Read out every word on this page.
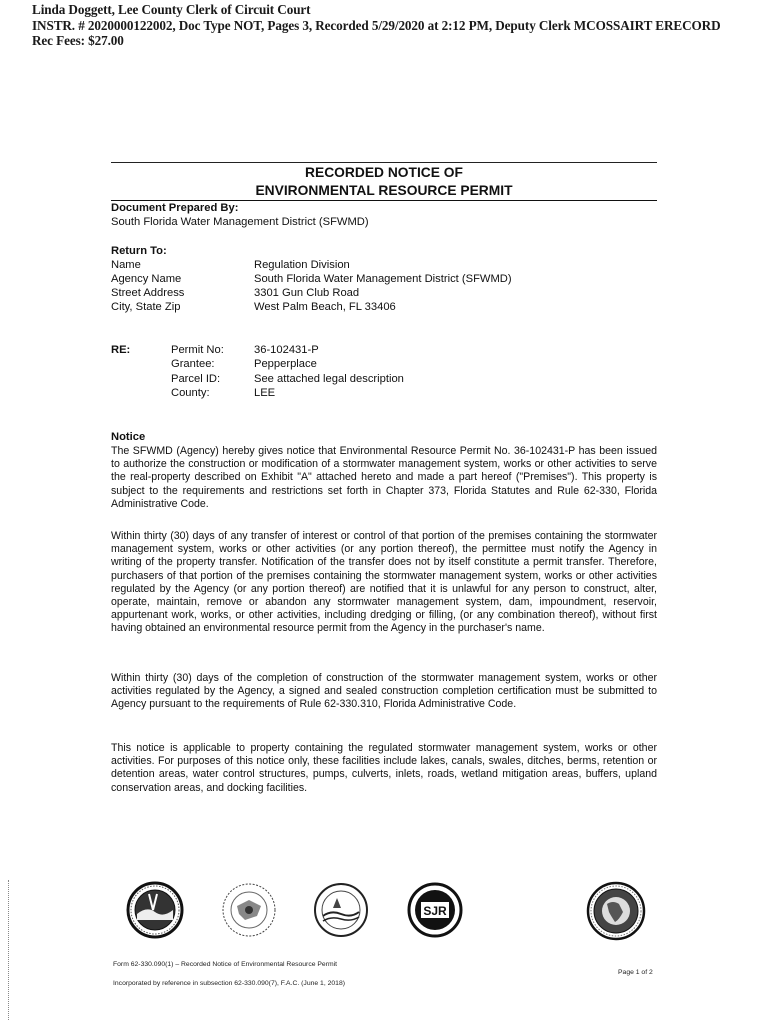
Linda Doggett, Lee County Clerk of Circuit Court
INSTR. # 2020000122002, Doc Type NOT, Pages 3, Recorded 5/29/2020 at 2:12 PM, Deputy Clerk MCOSSAIRT ERECORD
Rec Fees: $27.00
RECORDED NOTICE OF
ENVIRONMENTAL RESOURCE PERMIT
Document Prepared By:
South Florida Water Management District (SFWMD)
Return To:
Name	Regulation Division
Agency Name	South Florida Water Management District (SFWMD)
Street Address	3301 Gun Club Road
City, State Zip	West Palm Beach, FL 33406
RE:	Permit No:	36-102431-P
Grantee:	Pepperplace
Parcel ID:	See attached legal description
County:	LEE
Notice
The SFWMD (Agency) hereby gives notice that Environmental Resource Permit No. 36-102431-P has been issued to authorize the construction or modification of a stormwater management system, works or other activities to serve the real-property described on Exhibit "A" attached hereto and made a part hereof ("Premises"). This property is subject to the requirements and restrictions set forth in Chapter 373, Florida Statutes and Rule 62-330, Florida Administrative Code.
Within thirty (30) days of any transfer of interest or control of that portion of the premises containing the stormwater management system, works or other activities (or any portion thereof), the permittee must notify the Agency in writing of the property transfer. Notification of the transfer does not by itself constitute a permit transfer. Therefore, purchasers of that portion of the premises containing the stormwater management system, works or other activities regulated by the Agency (or any portion thereof) are notified that it is unlawful for any person to construct, alter, operate, maintain, remove or abandon any stormwater management system, dam, impoundment, reservoir, appurtenant work, works, or other activities, including dredging or filling, (or any combination thereof), without first having obtained an environmental resource permit from the Agency in the purchaser's name.
Within thirty (30) days of the completion of construction of the stormwater management system, works or other activities regulated by the Agency, a signed and sealed construction completion certification must be submitted to Agency pursuant to the requirements of Rule 62-330.310, Florida Administrative Code.
This notice is applicable to property containing the regulated stormwater management system, works or other activities. For purposes of this notice only, these facilities include lakes, canals, swales, ditches, berms, retention or detention areas, water control structures, pumps, culverts, inlets, roads, wetland mitigation areas, buffers, upland conservation areas, and docking facilities.
SJR
Form 62-330.090(1) – Recorded Notice of Environmental Resource Permit
Incorporated by reference in subsection 62-330.090(7), F.A.C. (June 1, 2018)
Page 1 of 2
